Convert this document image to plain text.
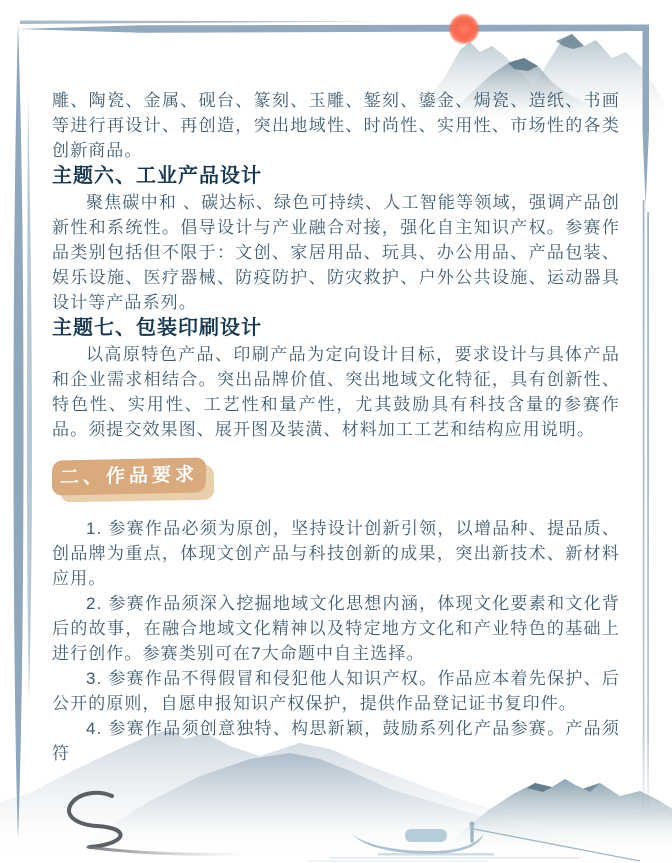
雕、陶瓷、金属、砚台、篆刻、玉雕、錾刻、鎏金、焗瓷、造纸、书画等进行再设计、再创造，突出地域性、时尚性、实用性、市场性的各类创新商品。

主题六、工业产品设计

聚焦碳中和 、碳达标、绿色可持续、人工智能等领域，强调产品创新性和系统性。倡导设计与产业融合对接，强化自主知识产权。参赛作品类别包括但不限于：文创、家居用品、玩具、办公用品、产品包装、娱乐设施、医疗器械、防疫防护、防灾救护、户外公共设施、运动器具设计等产品系列。

主题七、包装印刷设计

以高原特色产品、印刷产品为定向设计目标，要求设计与具体产品和企业需求相结合。突出品牌价值、突出地域文化特征，具有创新性、特色性、实用性、工艺性和量产性，尤其鼓励具有科技含量的参赛作品。须提交效果图、展开图及装潢、材料加工工艺和结构应用说明。

二、作品要求

1. 参赛作品必须为原创，坚持设计创新引领，以增品种、提品质、创品牌为重点，体现文创产品与科技创新的成果，突出新技术、新材料应用。

2. 参赛作品须深入挖掘地域文化思想内涵，体现文化要素和文化背后的故事，在融合地域文化精神以及特定地方文化和产业特色的基础上进行创作。参赛类别可在7大命题中自主选择。

3. 参赛作品不得假冒和侵犯他人知识产权。作品应本着先保护、后公开的原则，自愿申报知识产权保护，提供作品登记证书复印件。

4. 参赛作品须创意独特、构思新颖，鼓励系列化产品参赛。产品须符
